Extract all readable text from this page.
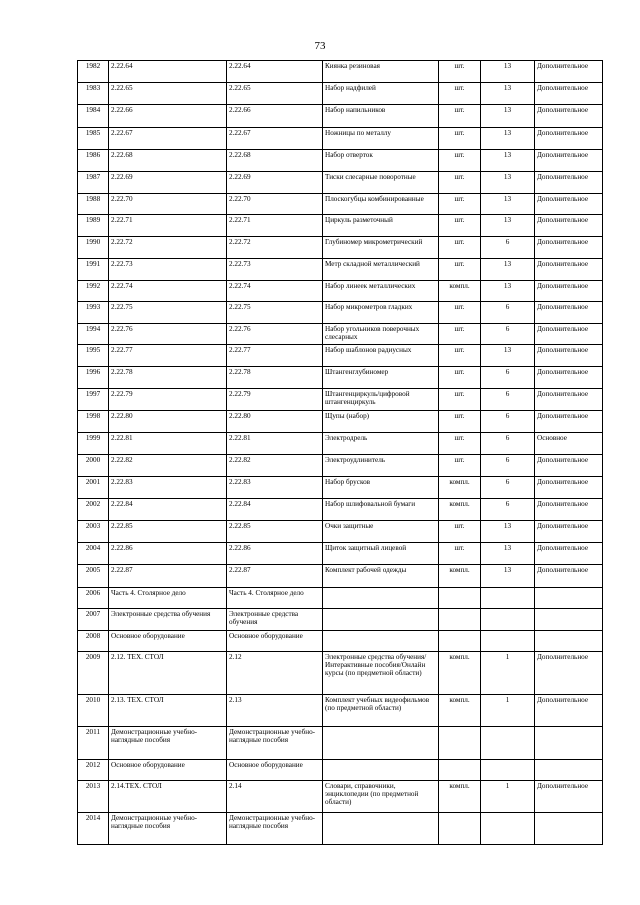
73
1982	2.22.64	2.22.64	Киянка резиновая	шт.	13	Дополнительное
1983	2.22.65	2.22.65	Набор надфилей	шт.	13	Дополнительное
1984	2.22.66	2.22.66	Набор напильников	шт.	13	Дополнительное
1985	2.22.67	2.22.67	Ножницы по металлу	шт.	13	Дополнительное
1986	2.22.68	2.22.68	Набор отверток	шт.	13	Дополнительное
1987	2.22.69	2.22.69	Тиски слесарные поворотные	шт.	13	Дополнительное
1988	2.22.70	2.22.70	Плоскогубцы комбинированные	шт.	13	Дополнительное
1989	2.22.71	2.22.71	Циркуль разметочный	шт.	13	Дополнительное
1990	2.22.72	2.22.72	Глубиномер микрометрический	шт.	6	Дополнительное
1991	2.22.73	2.22.73	Метр складной металлический	шт.	13	Дополнительное
1992	2.22.74	2.22.74	Набор линеек металлических	компл.	13	Дополнительное
1993	2.22.75	2.22.75	Набор микрометров гладких	шт.	6	Дополнительное
1994	2.22.76	2.22.76	Набор угольников поверочных слесарных	шт.	6	Дополнительное
1995	2.22.77	2.22.77	Набор шаблонов радиусных	шт.	13	Дополнительное
1996	2.22.78	2.22.78	Штангенглубиномер	шт.	6	Дополнительное
1997	2.22.79	2.22.79	Штангенциркуль/цифровой штангенциркуль	шт.	6	Дополнительное
1998	2.22.80	2.22.80	Щупы (набор)	шт.	6	Дополнительное
1999	2.22.81	2.22.81	Электродрель	шт.	6	Основное
2000	2.22.82	2.22.82	Электроудлинитель	шт.	6	Дополнительное
2001	2.22.83	2.22.83	Набор брусков	компл.	6	Дополнительное
2002	2.22.84	2.22.84	Набор шлифовальной бумаги	компл.	6	Дополнительное
2003	2.22.85	2.22.85	Очки защитные	шт.	13	Дополнительное
2004	2.22.86	2.22.86	Щиток защитный лицевой	шт.	13	Дополнительное
2005	2.22.87	2.22.87	Комплект рабочей одежды	компл.	13	Дополнительное
2006	Часть 4. Столярное дело	Часть 4. Столярное дело				
2007	Электронные средства обучения	Электронные средства обучения				
2008	Основное оборудование	Основное оборудование				
2009	2.12. ТЕХ. СТОЛ	2.12	Электронные средства обучения/Интерактивные пособия/Онлайн курсы (по предметной области)	компл.	1	Дополнительное
2010	2.13. ТЕХ. СТОЛ	2.13	Комплект учебных видеофильмов (по предметной области)	компл.	1	Дополнительное
2011	Демонстрационные учебно-наглядные пособия	Демонстрационные учебно-наглядные пособия				
2012	Основное оборудование	Основное оборудование				
2013	2.14.ТЕХ. СТОЛ	2.14	Словари, справочники, энциклопедии (по предметной области)	компл.	1	Дополнительное
2014	Демонстрационные учебно-наглядные пособия	Демонстрационные учебно-наглядные пособия				
